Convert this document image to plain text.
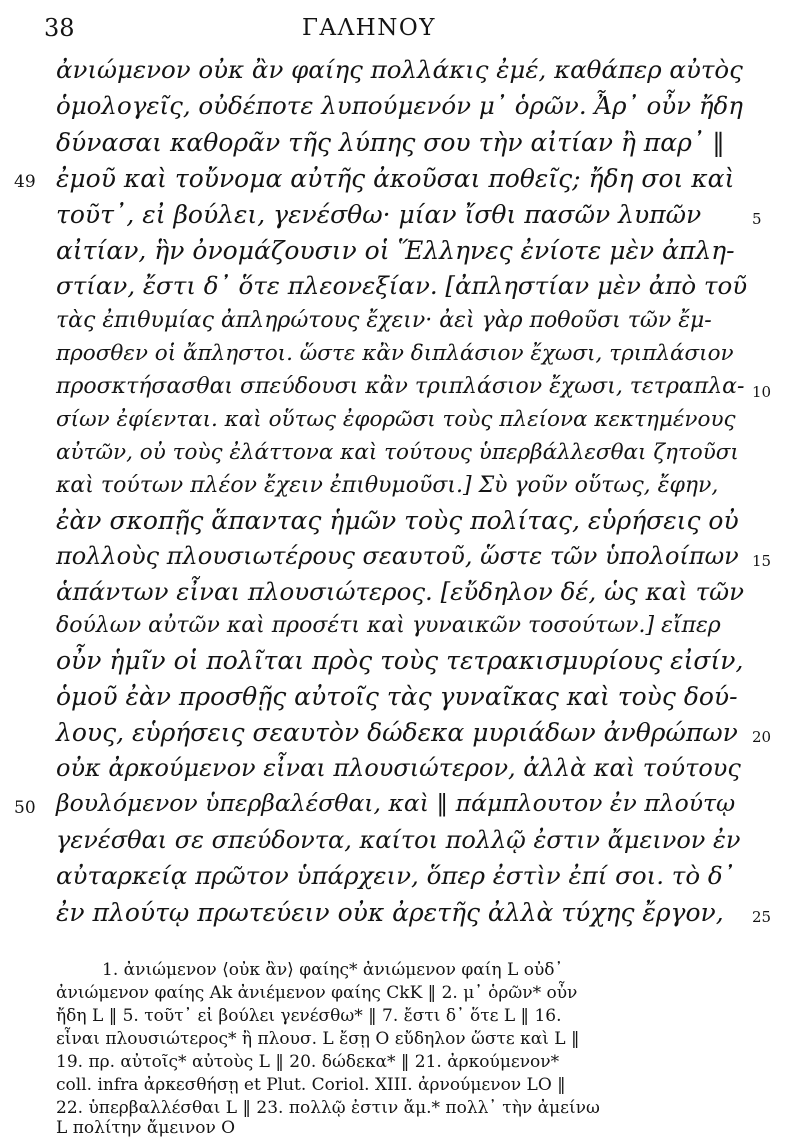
38	ΓΑΛΗΝΟΥ
ἀνιώμενον οὐκ ἂν φαίης πολλάκις ἐμέ, καθάπερ αὐτὸς
ὁμολογεῖς, οὐδέποτε λυπούμενόν μ᾿ ὁρῶν. Ἆρ᾿ οὖν ἤδη
δύνασαι καθορᾶν τῆς λύπης σου τὴν αἰτίαν ἢ παρ᾿ ‖
ἐμοῦ καὶ τοὔνομα αὐτῆς ἀκοῦσαι ποθεῖς; ἤδη σοι καὶ
τοῦτ᾿, εἰ βούλει, γενέσθω· μίαν ἴσθι πασῶν λυπῶν
αἰτίαν, ἣν ὀνομάζουσιν οἱ Ἕλληνες ἐνίοτε μὲν ἀπλη-
στίαν, ἔστι δ᾿ ὅτε πλεονεξίαν. [ἀπληστίαν μὲν ἀπὸ τοῦ
τὰς ἐπιθυμίας ἀπληρώτους ἔχειν· ἀεὶ γὰρ ποθοῦσι τῶν ἔμ-
προσθεν οἱ ἄπληστοι. ὥστε κἂν διπλάσιον ἔχωσι, τριπλάσιον
προσκτήσασθαι σπεύδουσι κἂν τριπλάσιον ἔχωσι, τετραπλα-
σίων ἐφίενται. καὶ οὕτως ἐφορῶσι τοὺς πλείονα κεκτημένους
αὐτῶν, οὐ τοὺς ἐλάττονα καὶ τούτους ὑπερβάλλεσθαι ζητοῦσι
καὶ τούτων πλέον ἔχειν ἐπιθυμοῦσι.] Σὺ γοῦν οὕτως, ἔφην,
ἐὰν σκοπῇς ἅπαντας ἡμῶν τοὺς πολίτας, εὑρήσεις οὐ
πολλοὺς πλουσιωτέρους σεαυτοῦ, ὥστε τῶν ὑπολοίπων
ἁπάντων εἶναι πλουσιώτερος. [εὔδηλον δέ, ὡς καὶ τῶν
δούλων αὐτῶν καὶ προσέτι καὶ γυναικῶν τοσούτων.] εἴπερ
οὖν ἡμῖν οἱ πολῖται πρὸς τοὺς τετρακισμυρίους εἰσίν,
ὁμοῦ ἐὰν προσθῇς αὐτοῖς τὰς γυναῖκας καὶ τοὺς δού-
λους, εὑρήσεις σεαυτὸν δώδεκα μυριάδων ἀνθρώπων
οὐκ ἀρκούμενον εἶναι πλουσιώτερον, ἀλλὰ καὶ τούτους
βουλόμενον ὑπερβαλέσθαι, καὶ ‖ πάμπλουτον ἐν πλούτῳ
γενέσθαι σε σπεύδοντα, καίτοι πολλῷ ἐστιν ἄμεινον ἐν
αὐταρκείᾳ πρῶτον ὑπάρχειν, ὅπερ ἐστὶν ἐπί σοι. τὸ δ᾿
ἐν πλούτῳ πρωτεύειν οὐκ ἀρετῆς ἀλλὰ τύχης ἔργον,
49
50
5
10
15
20
25
1. ἀνιώμενον ⟨οὐκ ἂν⟩ φαίης* ἀνιώμενον φαίη L οὐδ᾿
ἀνιώμενον φαίης Ak ἀνιέμενον φαίης CkK ‖ 2. μ᾿ ὁρῶν* οὖν
ἤδη L ‖ 5. τοῦτ᾿ εἰ βούλει γενέσθω* ‖ 7. ἔστι δ᾿ ὅτε L ‖ 16.
εἶναι πλουσιώτερος* ἢ πλουσ. L ἔσῃ O εὔδηλον ὥστε καὶ L ‖
19. πρ. αὐτοῖς* αὐτοὺς L ‖ 20. δώδεκα* ‖ 21. ἀρκούμενον*
coll. infra ἀρκεσθήσῃ et Plut. Coriol. XIII. ἀρνούμενον LO ‖
22. ὑπερβαλλέσθαι L ‖ 23. πολλῷ ἐστιν ἄμ.* πολλ᾿ τὴν ἀμείνω
L πολίτην ἄμεινον O
